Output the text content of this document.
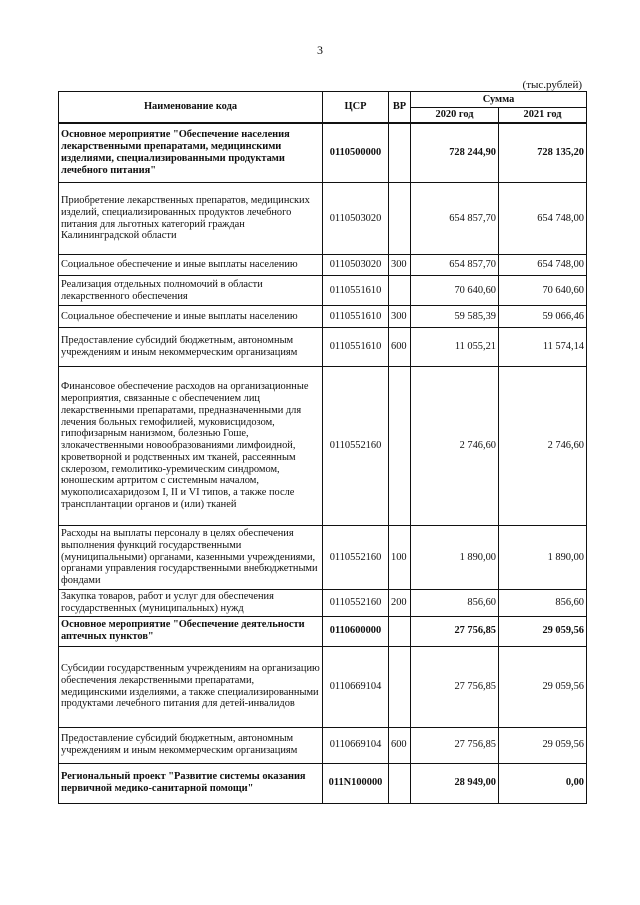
3
(тыс.рублей)
Наименование кода	ЦСР	ВР	Сумма	
			2020 год	2021 год
Основное мероприятие "Обеспечение населения лекарственными препаратами, медицинскими изделиями, специализированными продуктами лечебного питания"	0110500000		728 244,90	728 135,20
Приобретение лекарственных препаратов, медицинских изделий, специализированных продуктов лечебного питания для льготных категорий граждан Калининградской области	0110503020		654 857,70	654 748,00
Социальное обеспечение и иные выплаты населению	0110503020	300	654 857,70	654 748,00
Реализация отдельных полномочий в области лекарственного обеспечения	0110551610		70 640,60	70 640,60
Социальное обеспечение и иные выплаты населению	0110551610	300	59 585,39	59 066,46
Предоставление субсидий бюджетным, автономным учреждениям и иным некоммерческим организациям	0110551610	600	11 055,21	11 574,14
Финансовое обеспечение расходов на организационные мероприятия, связанные с обеспечением лиц лекарственными препаратами, предназначенными для лечения больных гемофилией, муковисцидозом, гипофизарным нанизмом, болезнью Гоше, злокачественными новообразованиями лимфоидной, кроветворной и родственных им тканей, рассеянным склерозом, гемолитико-уремическим синдромом, юношеским артритом с системным началом, мукополисахаридозом I, II и VI типов, а также после трансплантации органов и (или) тканей	0110552160		2 746,60	2 746,60
Расходы на выплаты персоналу в целях обеспечения выполнения функций государственными (муниципальными) органами, казенными учреждениями, органами управления государственными внебюджетными фондами	0110552160	100	1 890,00	1 890,00
Закупка товаров, работ и услуг для обеспечения государственных (муниципальных) нужд	0110552160	200	856,60	856,60
Основное мероприятие "Обеспечение деятельности аптечных пунктов"	0110600000		27 756,85	29 059,56
Субсидии государственным учреждениям на организацию обеспечения лекарственными препаратами, медицинскими изделиями, а также специализированными продуктами лечебного питания для детей-инвалидов	0110669104		27 756,85	29 059,56
Предоставление субсидий бюджетным, автономным учреждениям и иным некоммерческим организациям	0110669104	600	27 756,85	29 059,56
Региональный проект "Развитие системы оказания первичной медико-санитарной помощи"	011N100000		28 949,00	0,00
